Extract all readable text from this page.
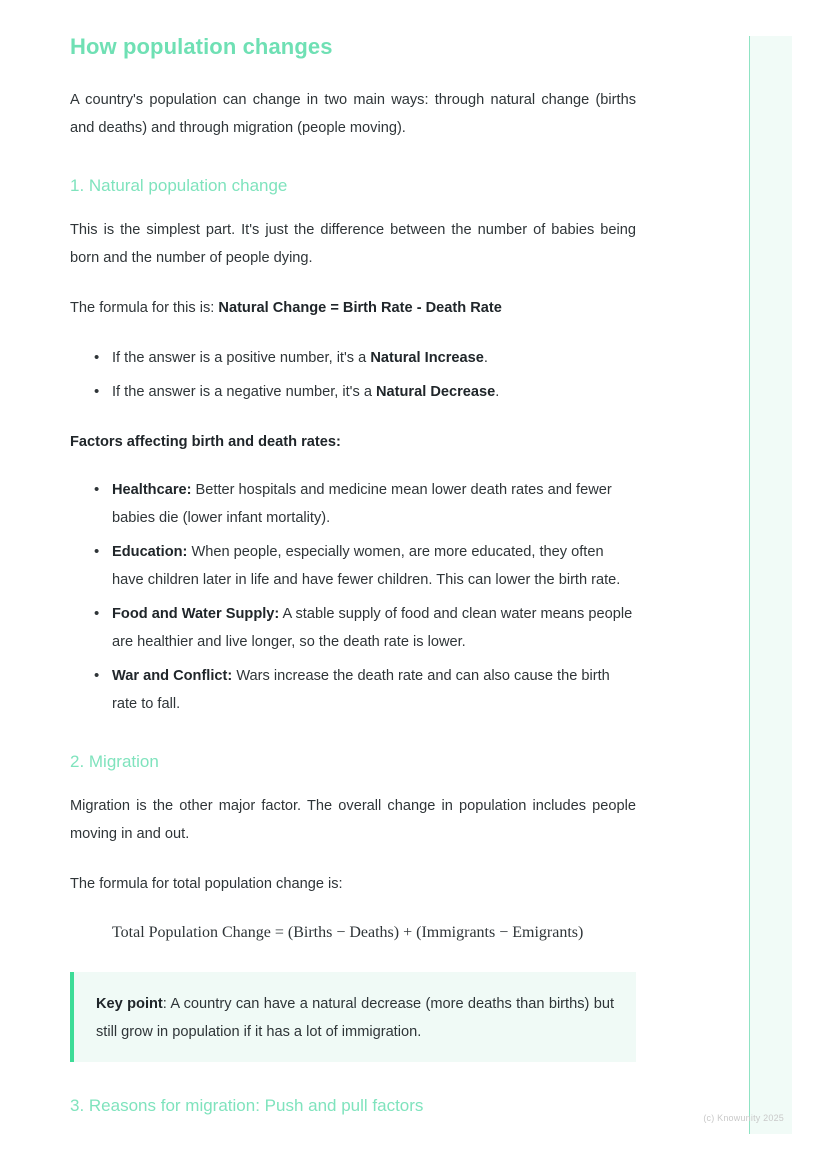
How population changes

A country's population can change in two main ways: through natural change (births and deaths) and through migration (people moving).

1. Natural population change

This is the simplest part. It's just the difference between the number of babies being born and the number of people dying.

The formula for this is: Natural Change = Birth Rate - Death Rate

• If the answer is a positive number, it's a Natural Increase.
• If the answer is a negative number, it's a Natural Decrease.

Factors affecting birth and death rates:

• Healthcare: Better hospitals and medicine mean lower death rates and fewer babies die (lower infant mortality).
• Education: When people, especially women, are more educated, they often have children later in life and have fewer children. This can lower the birth rate.
• Food and Water Supply: A stable supply of food and clean water means people are healthier and live longer, so the death rate is lower.
• War and Conflict: Wars increase the death rate and can also cause the birth rate to fall.
2. Migration

Migration is the other major factor. The overall change in population includes people moving in and out.

The formula for total population change is:

Total Population Change = (Births − Deaths) + (Immigrants − Emigrants)
Key point: A country can have a natural decrease (more deaths than births) but still grow in population if it has a lot of immigration.
3. Reasons for migration: Push and pull factors
(c) Knowunity 2025
